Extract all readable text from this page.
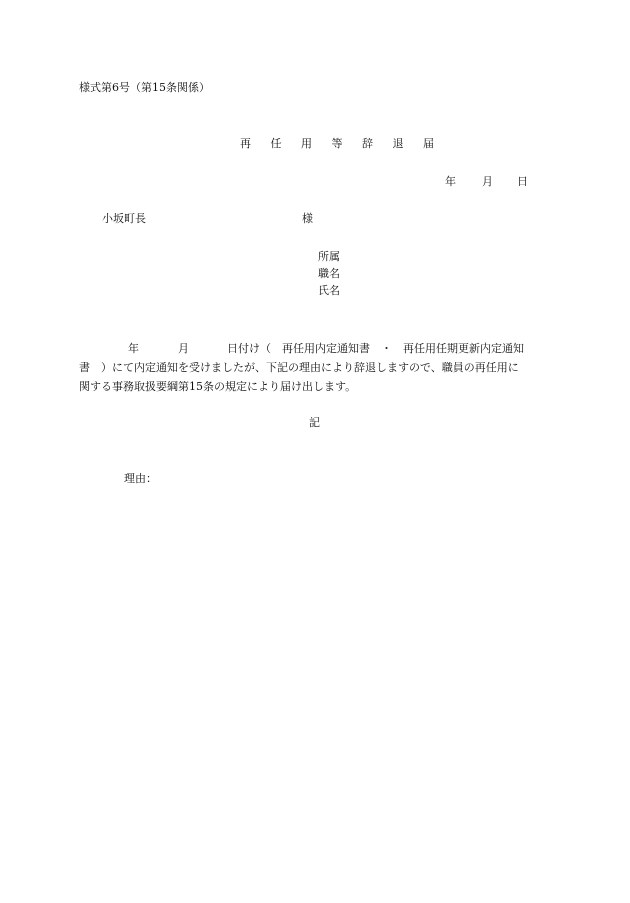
様式第6号（第15条関係）
再 任 用 等 辞 退 届
年 月 日
小坂町長	様
所属
職名
氏名
年	月	日付け（　再任用内定通知書　・　再任用任期更新内定通知
書　）にて内定通知を受けましたが、下記の理由により辞退しますので、職員の再任用に
関する事務取扱要綱第15条の規定により届け出します。
記
理由：
